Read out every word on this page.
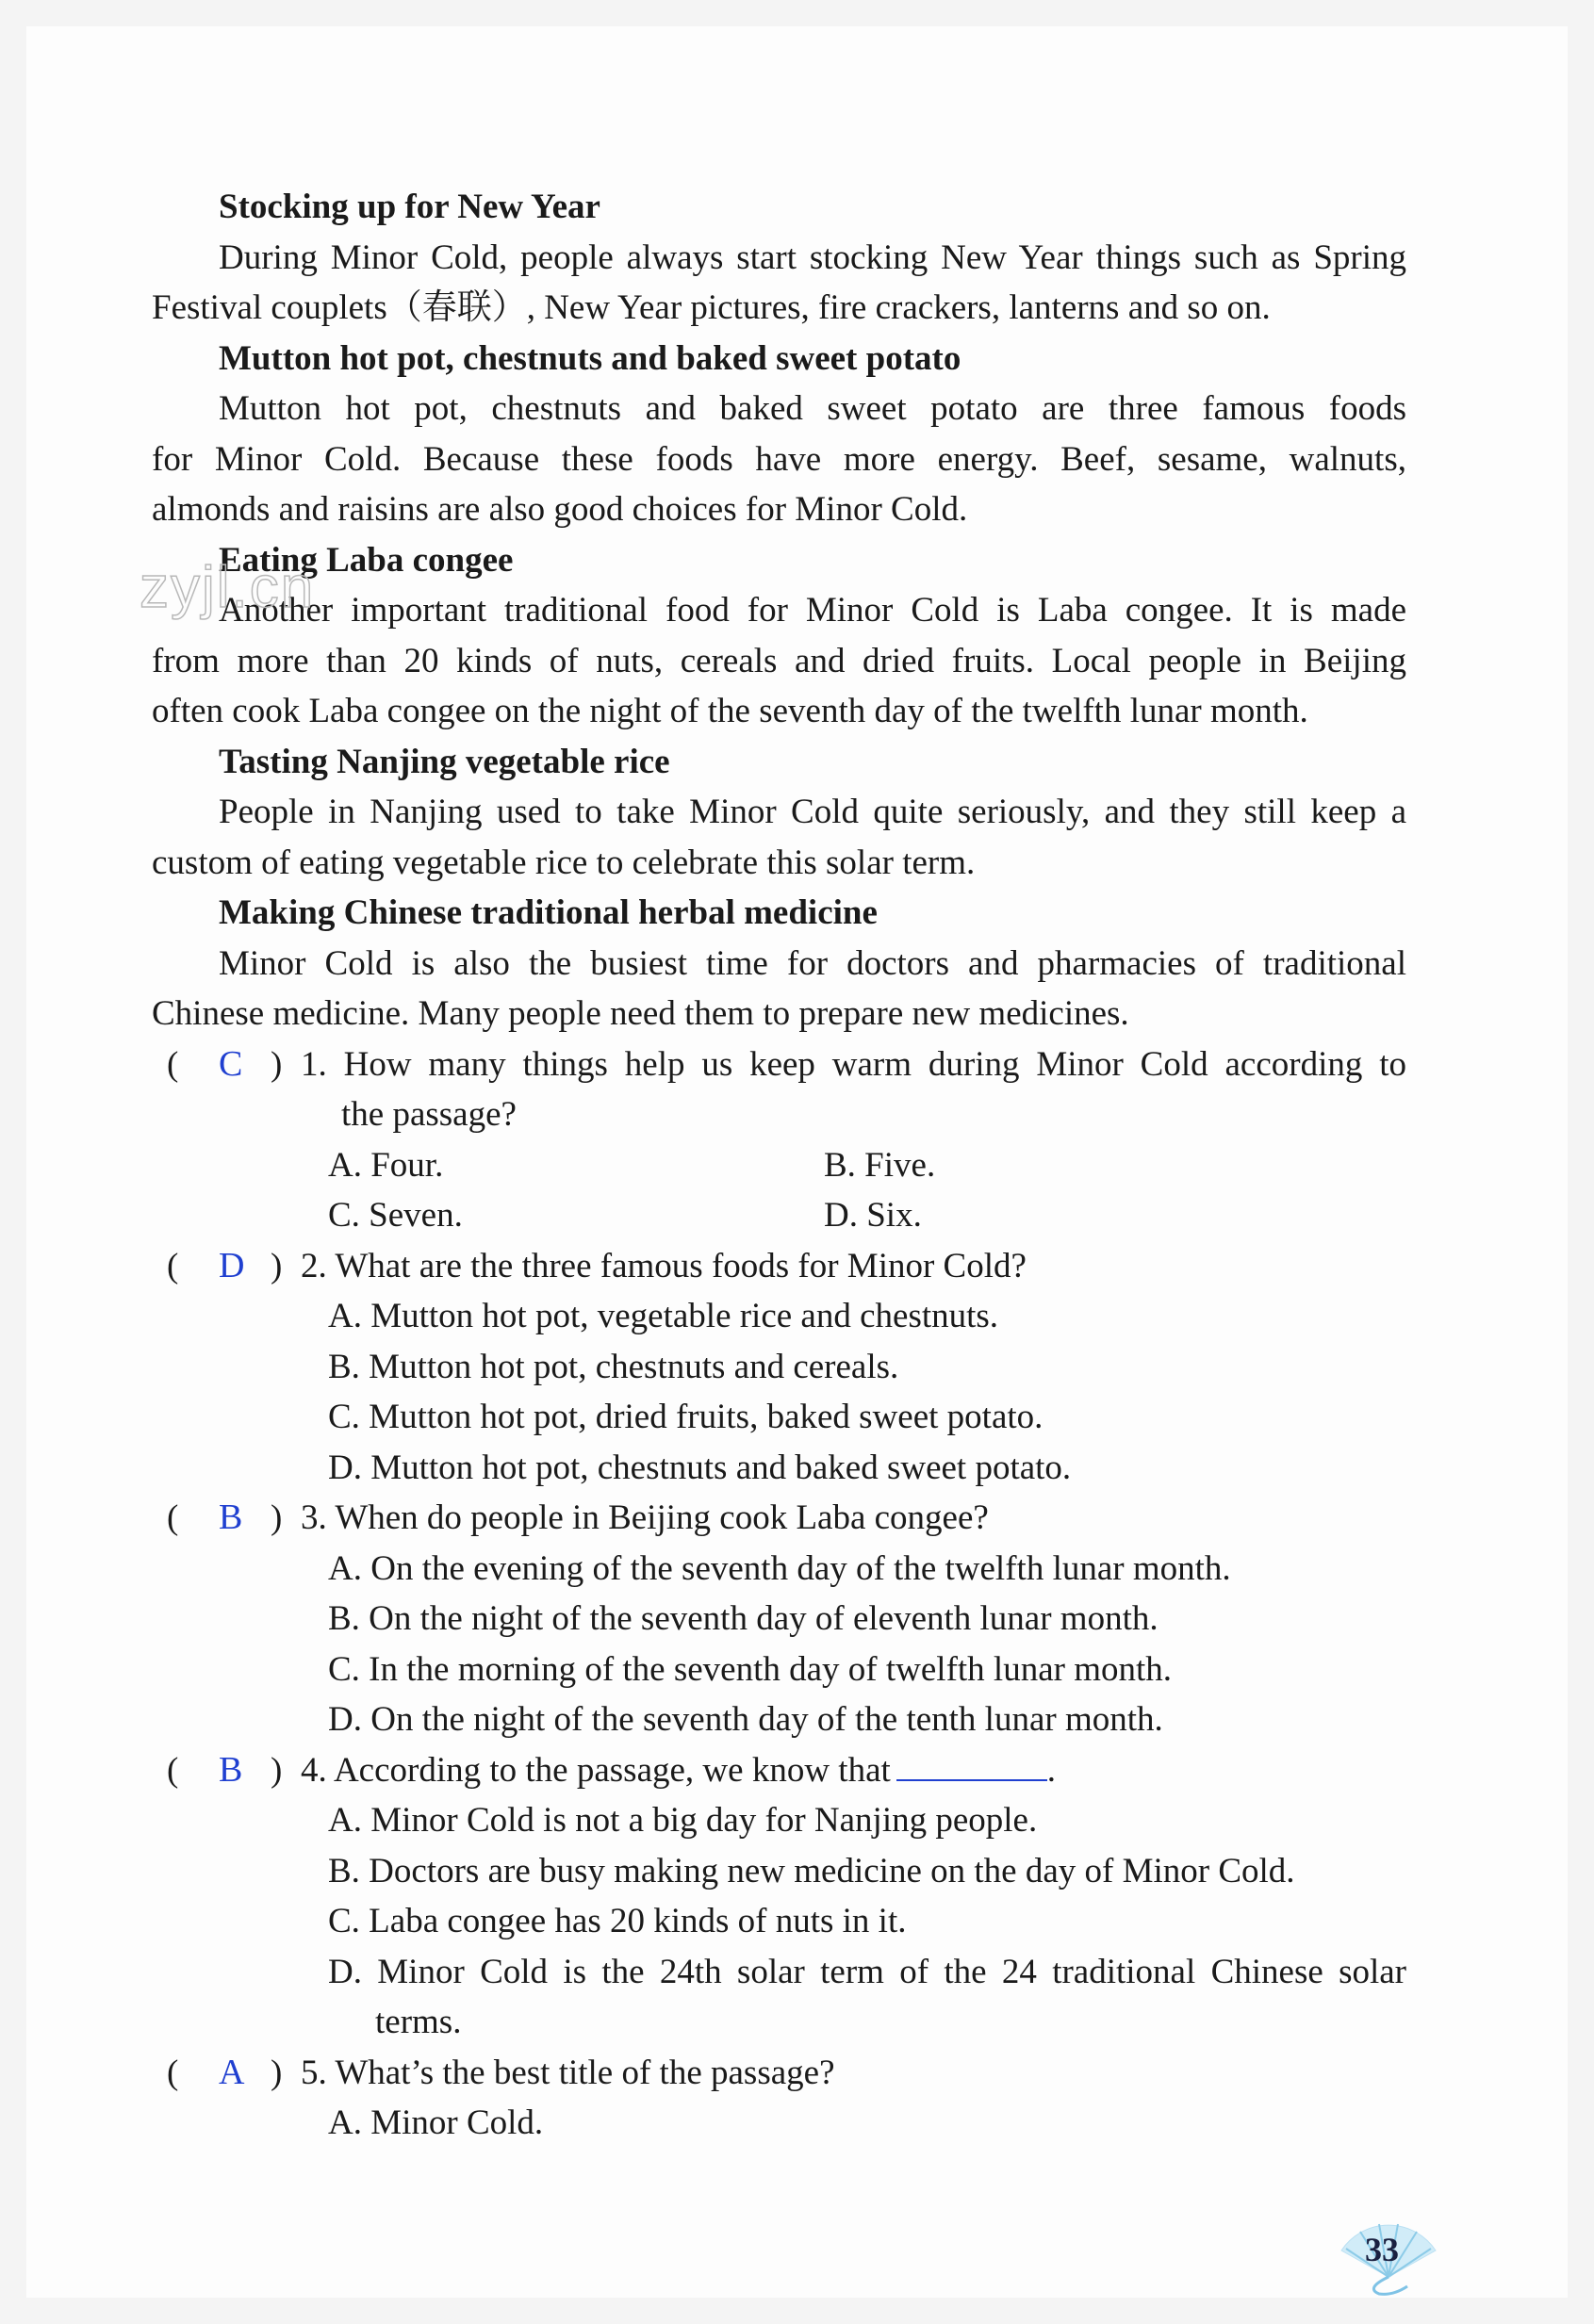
Stocking up for New Year
During Minor Cold, people always start stocking New Year things such as Spring
Festival couplets（春联）, New Year pictures, fire crackers, lanterns and so on.
Mutton hot pot, chestnuts and baked sweet potato
Mutton hot pot, chestnuts and baked sweet potato are three famous foods
for Minor Cold. Because these foods have more energy. Beef, sesame, walnuts,
almonds and raisins are also good choices for Minor Cold.
Eating Laba congee
Another important traditional food for Minor Cold is Laba congee. It is made
from more than 20 kinds of nuts, cereals and dried fruits. Local people in Beijing
often cook Laba congee on the night of the seventh day of the twelfth lunar month.
Tasting Nanjing vegetable rice
People in Nanjing used to take Minor Cold quite seriously, and they still keep a
custom of eating vegetable rice to celebrate this solar term.
Making Chinese traditional herbal medicine
Minor Cold is also the busiest time for doctors and pharmacies of traditional
Chinese medicine. Many people need them to prepare new medicines.
( C ) 1. How many things help us keep warm during Minor Cold according to
the passage?
A. Four.	B. Five.
C. Seven.	D. Six.
( D ) 2. What are the three famous foods for Minor Cold?
A. Mutton hot pot, vegetable rice and chestnuts.
B. Mutton hot pot, chestnuts and cereals.
C. Mutton hot pot, dried fruits, baked sweet potato.
D. Mutton hot pot, chestnuts and baked sweet potato.
( B ) 3. When do people in Beijing cook Laba congee?
A. On the evening of the seventh day of the twelfth lunar month.
B. On the night of the seventh day of eleventh lunar month.
C. In the morning of the seventh day of twelfth lunar month.
D. On the night of the seventh day of the tenth lunar month.
( B ) 4. According to the passage, we know that	.
A. Minor Cold is not a big day for Nanjing people.
B. Doctors are busy making new medicine on the day of Minor Cold.
C. Laba congee has 20 kinds of nuts in it.
D. Minor Cold is the 24th solar term of the 24 traditional Chinese solar
terms.
( A ) 5. What’s the best title of the passage?
A. Minor Cold.
zyjl.cn
33
